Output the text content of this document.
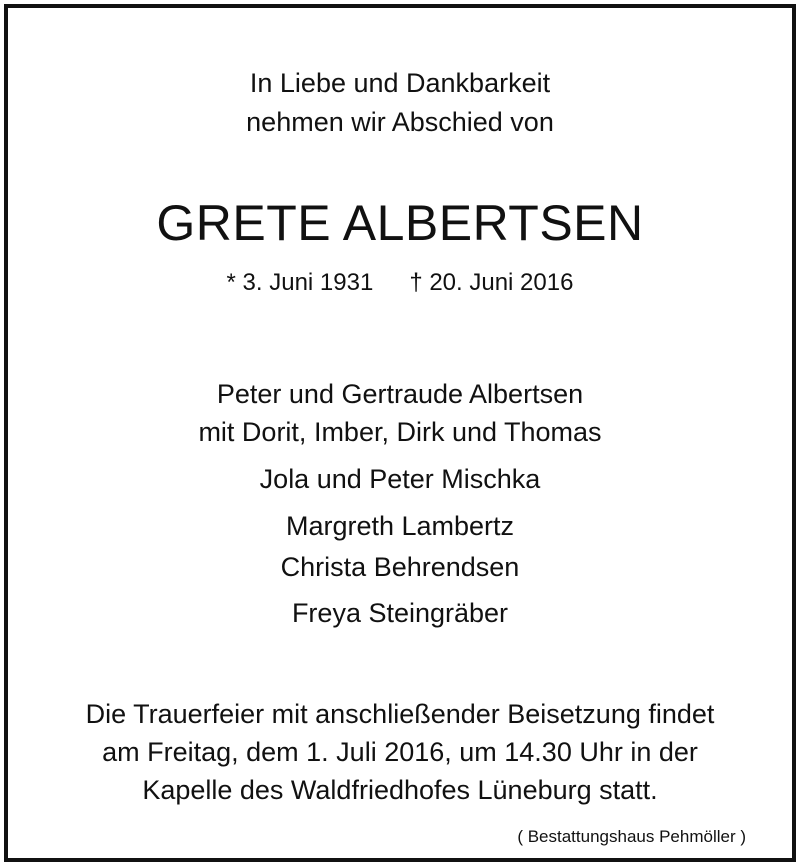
In Liebe und Dankbarkeit
nehmen wir Abschied von
GRETE ALBERTSEN
* 3. Juni 1931 † 20. Juni 2016
Peter und Gertraude Albertsen
mit Dorit, Imber, Dirk und Thomas
Jola und Peter Mischka
Margreth Lambertz
Christa Behrendsen
Freya Steingräber
Die Trauerfeier mit anschließender Beisetzung findet
am Freitag, dem 1. Juli 2016, um 14.30 Uhr in der
Kapelle des Waldfriedhofes Lüneburg statt.
( Bestattungshaus Pehmöller )
